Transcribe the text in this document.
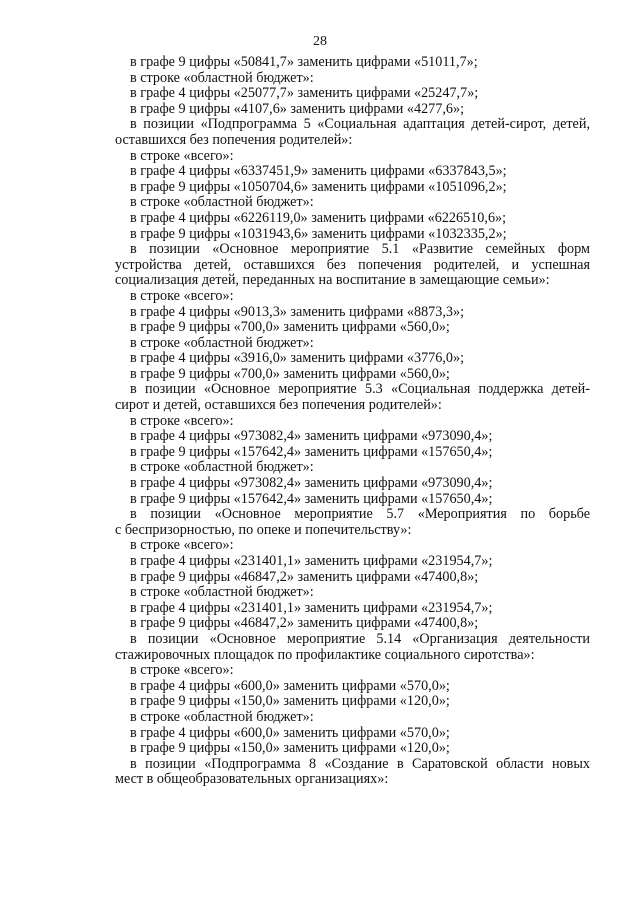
28

в графе 9 цифры «50841,7» заменить цифрами «51011,7»;

в строке «областной бюджет»:

в графе 4 цифры «25077,7» заменить цифрами «25247,7»;

в графе 9 цифры «4107,6» заменить цифрами «4277,6»;

в позиции «Подпрограмма 5 «Социальная адаптация детей-сирот, детей,

оставшихся без попечения родителей»:

в строке «всего»:

в графе 4 цифры «6337451,9» заменить цифрами «6337843,5»;

в графе 9 цифры «1050704,6» заменить цифрами «1051096,2»;

в строке «областной бюджет»:

в графе 4 цифры «6226119,0» заменить цифрами «6226510,6»;

в графе 9 цифры «1031943,6» заменить цифрами «1032335,2»;

в позиции «Основное мероприятие 5.1 «Развитие семейных форм

устройства детей, оставшихся без попечения родителей, и успешная

социализация детей, переданных на воспитание в замещающие семьи»:

в строке «всего»:

в графе 4 цифры «9013,3» заменить цифрами «8873,3»;

в графе 9 цифры «700,0» заменить цифрами «560,0»;

в строке «областной бюджет»:

в графе 4 цифры «3916,0» заменить цифрами «3776,0»;

в графе 9 цифры «700,0» заменить цифрами «560,0»;

в позиции «Основное мероприятие 5.3 «Социальная поддержка детей-

сирот и детей, оставшихся без попечения родителей»:

в строке «всего»:

в графе 4 цифры «973082,4» заменить цифрами «973090,4»;

в графе 9 цифры «157642,4» заменить цифрами «157650,4»;

в строке «областной бюджет»:

в графе 4 цифры «973082,4» заменить цифрами «973090,4»;

в графе 9 цифры «157642,4» заменить цифрами «157650,4»;

в позиции «Основное мероприятие 5.7 «Мероприятия по борьбе

с беспризорностью, по опеке и попечительству»:

в строке «всего»:

в графе 4 цифры «231401,1» заменить цифрами «231954,7»;

в графе 9 цифры «46847,2» заменить цифрами «47400,8»;

в строке «областной бюджет»:

в графе 4 цифры «231401,1» заменить цифрами «231954,7»;

в графе 9 цифры «46847,2» заменить цифрами «47400,8»;

в позиции «Основное мероприятие 5.14 «Организация деятельности

стажировочных площадок по профилактике социального сиротства»:

в строке «всего»:

в графе 4 цифры «600,0» заменить цифрами «570,0»;

в графе 9 цифры «150,0» заменить цифрами «120,0»;

в строке «областной бюджет»:

в графе 4 цифры «600,0» заменить цифрами «570,0»;

в графе 9 цифры «150,0» заменить цифрами «120,0»;

в позиции «Подпрограмма 8 «Создание в Саратовской области новых

мест в общеобразовательных организациях»:
